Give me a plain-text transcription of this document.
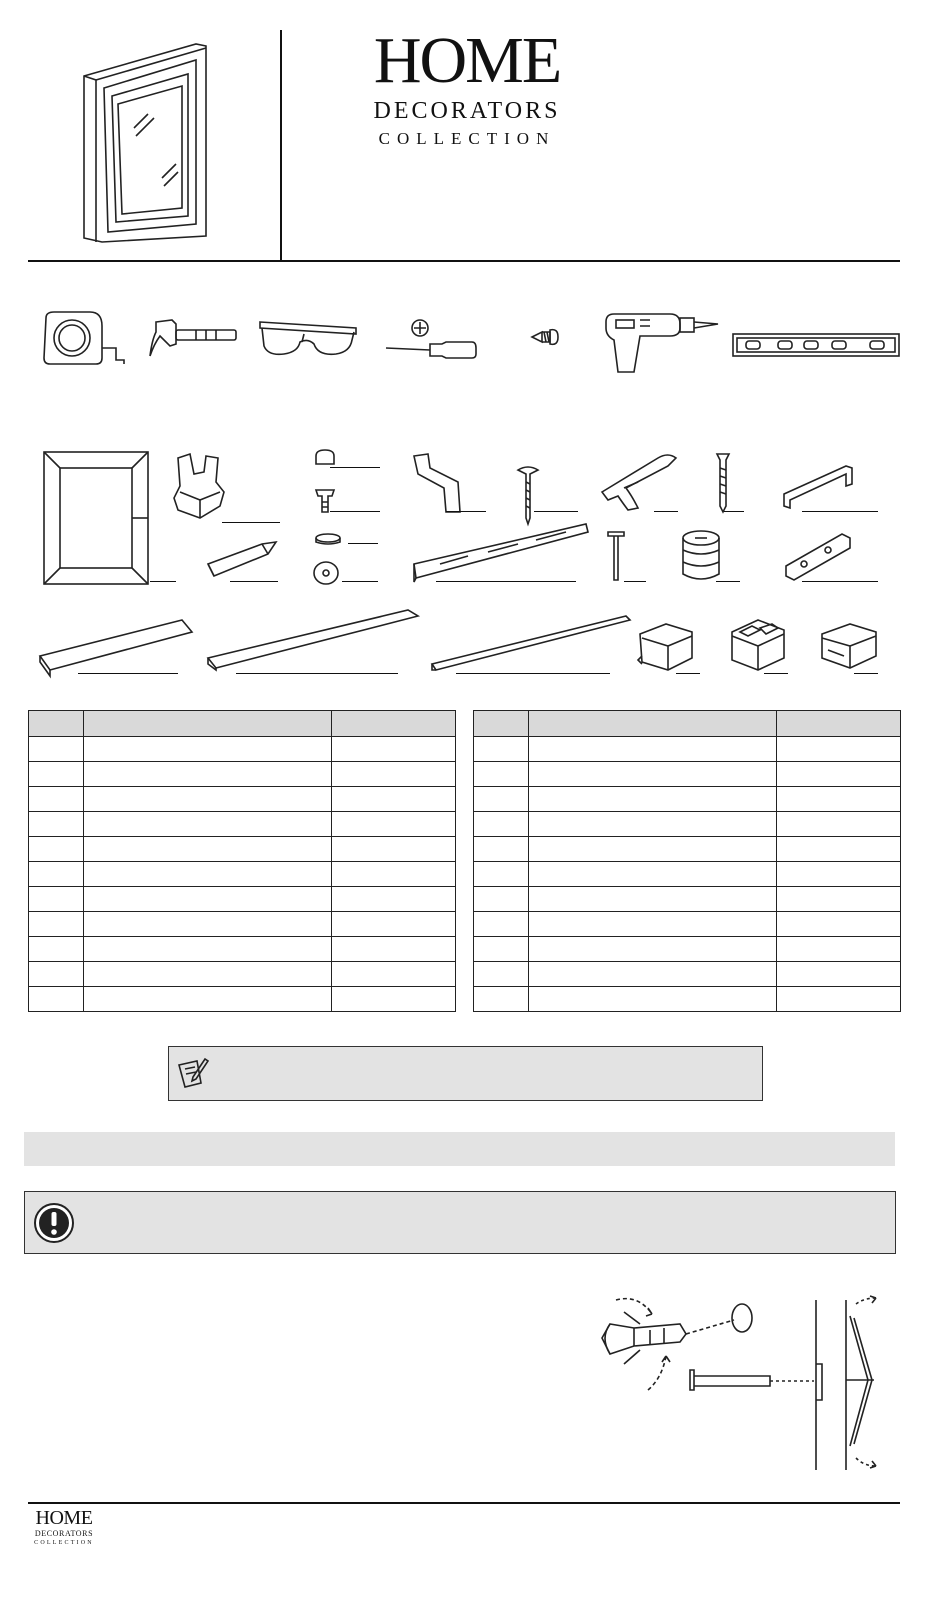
HOME
DECORATORS
COLLECTION

HOME
DECORATORS
COLLECTION
